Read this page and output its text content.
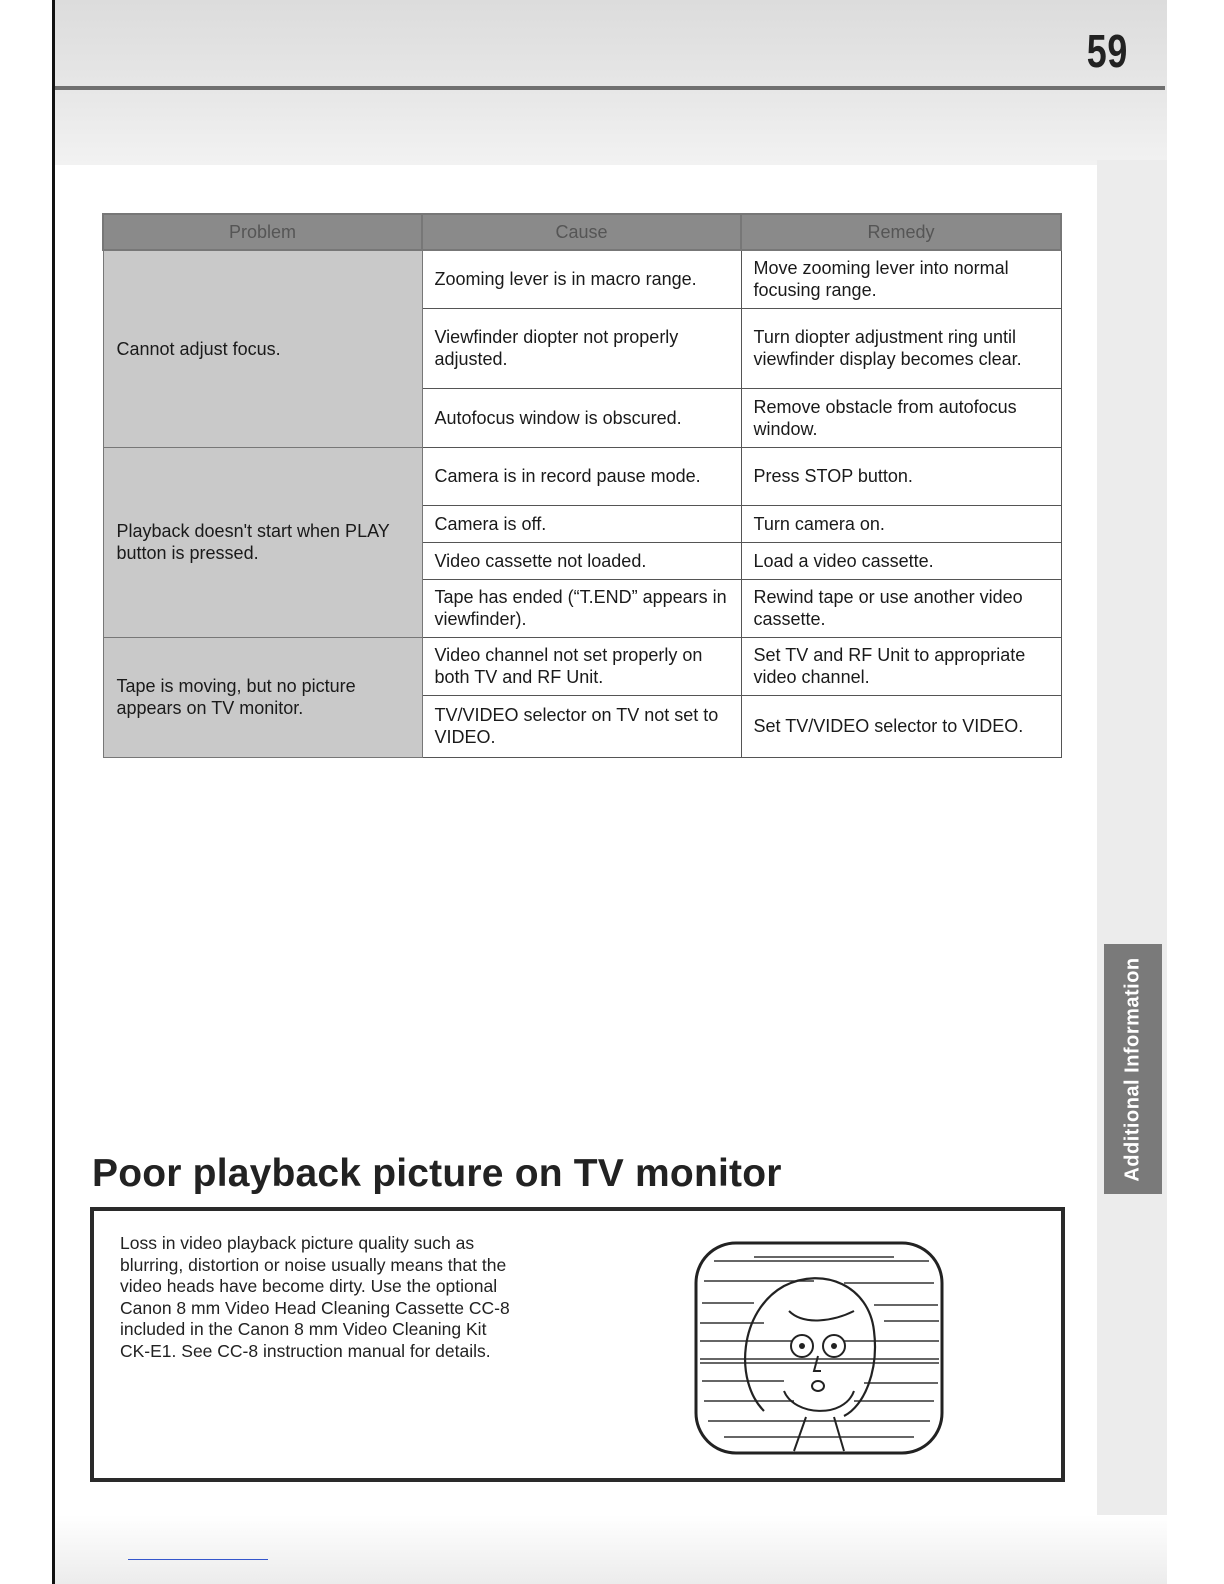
59
Additional Information
Problem	Cause	Remedy
Cannot adjust focus.	Zooming lever is in macro range.	Move zooming lever into normal focusing range.
	Viewfinder diopter not properly adjusted.	Turn diopter adjustment ring until viewfinder display becomes clear.
	Autofocus window is obscured.	Remove obstacle from autofocus window.
Playback doesn't start when PLAY button is pressed.	Camera is in record pause mode.	Press STOP button.
	Camera is off.	Turn camera on.
	Video cassette not loaded.	Load a video cassette.
	Tape has ended (“T.END” appears in viewfinder).	Rewind tape or use another video cassette.
Tape is moving, but no picture appears on TV monitor.	Video channel not set properly on both TV and RF Unit.	Set TV and RF Unit to appropriate video channel.
	TV/VIDEO selector on TV not set to VIDEO.	Set TV/VIDEO selector to VIDEO.
Poor playback picture on TV monitor
Loss in video playback picture quality such as blurring, distortion or noise usually means that the video heads have become dirty. Use the optional Canon 8 mm Video Head Cleaning Cassette CC-8 included in the Canon 8 mm Video Cleaning Kit CK-E1. See CC-8 instruction manual for details.
